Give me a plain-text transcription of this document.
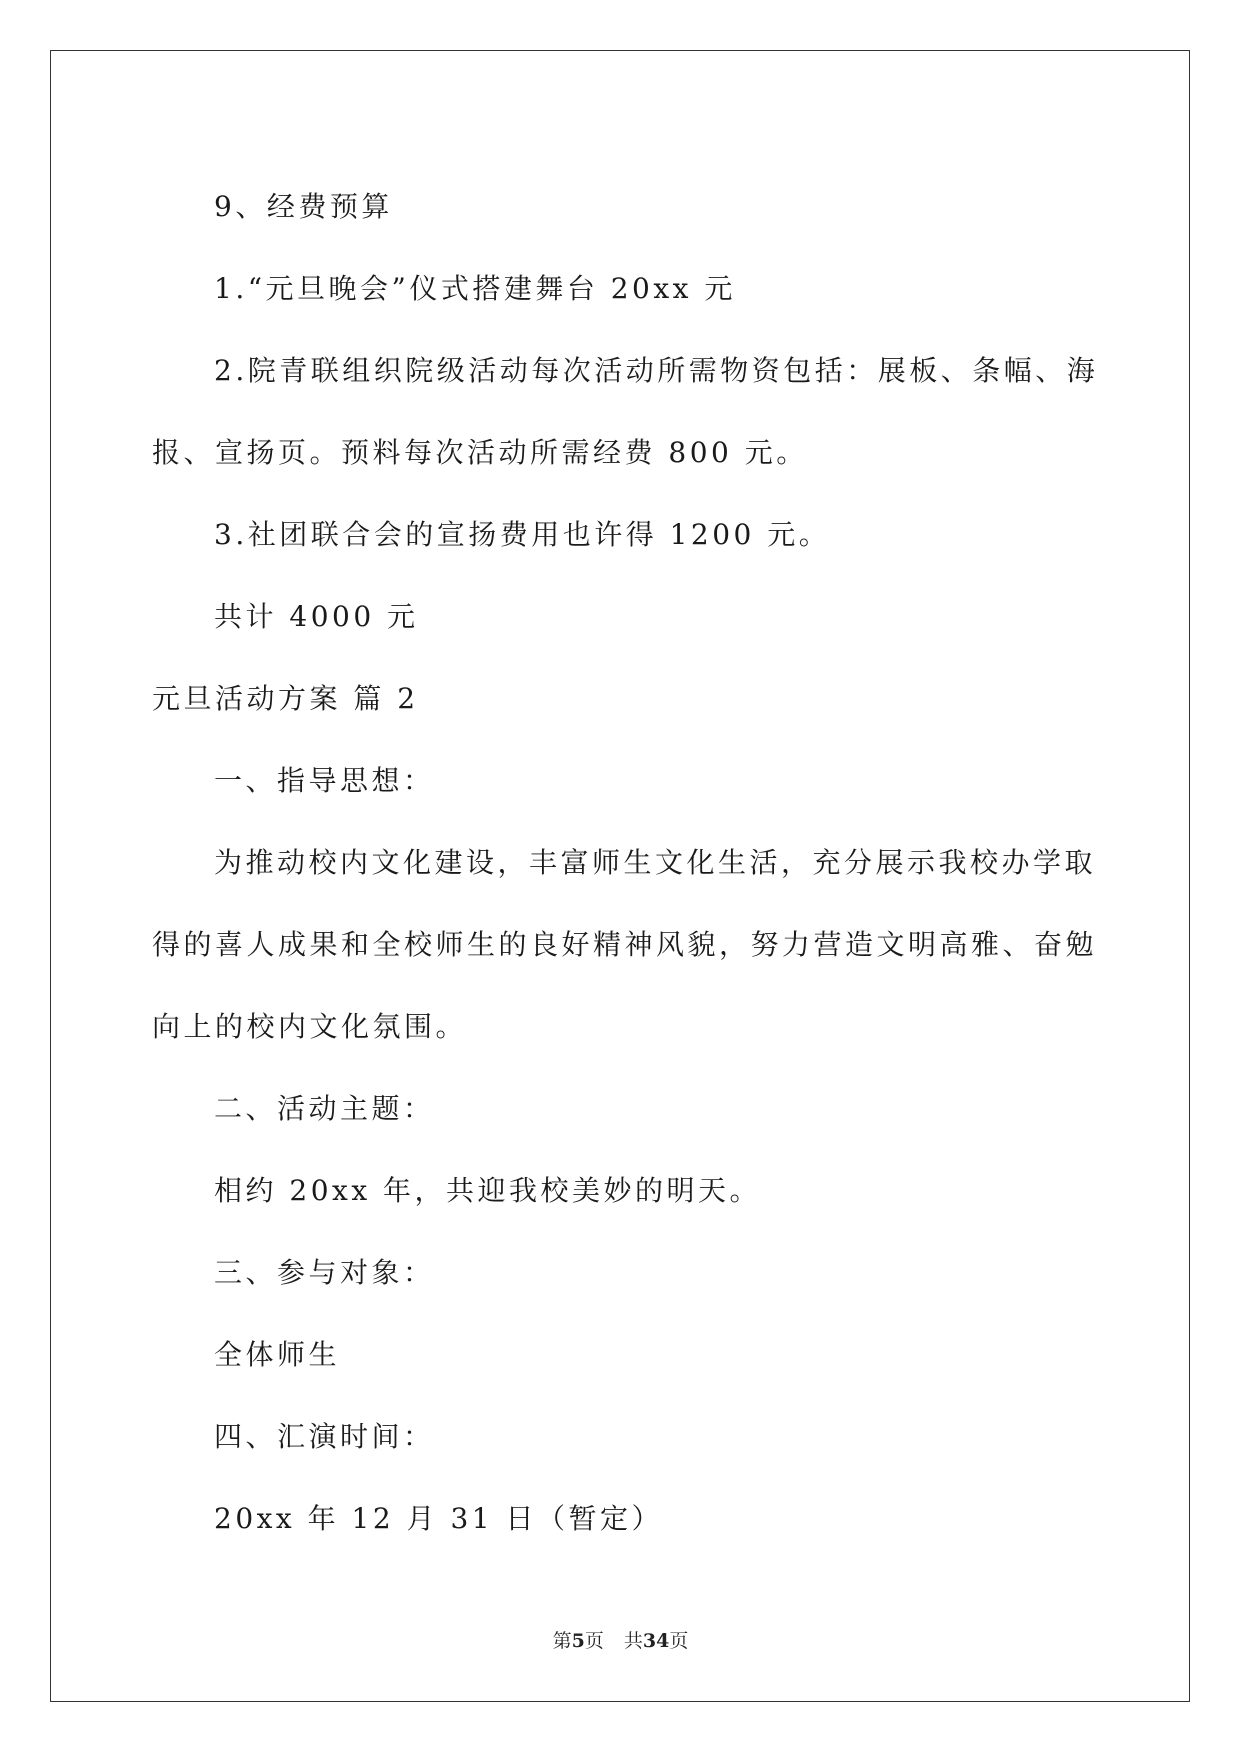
9、经费预算

1.“元旦晚会”仪式搭建舞台 20xx 元

2.院青联组织院级活动每次活动所需物资包括：展板、条幅、海

报、宣扬页。预料每次活动所需经费 800 元。

3.社团联合会的宣扬费用也许得 1200 元。

共计 4000 元

元旦活动方案 篇 2

一、指导思想：

为推动校内文化建设，丰富师生文化生活，充分展示我校办学取

得的喜人成果和全校师生的良好精神风貌，努力营造文明高雅、奋勉

向上的校内文化氛围。

二、活动主题：

相约 20xx 年，共迎我校美妙的明天。

三、参与对象：

全体师生

四、汇演时间：

20xx 年 12 月 31 日（暂定）

第5页 共34页
